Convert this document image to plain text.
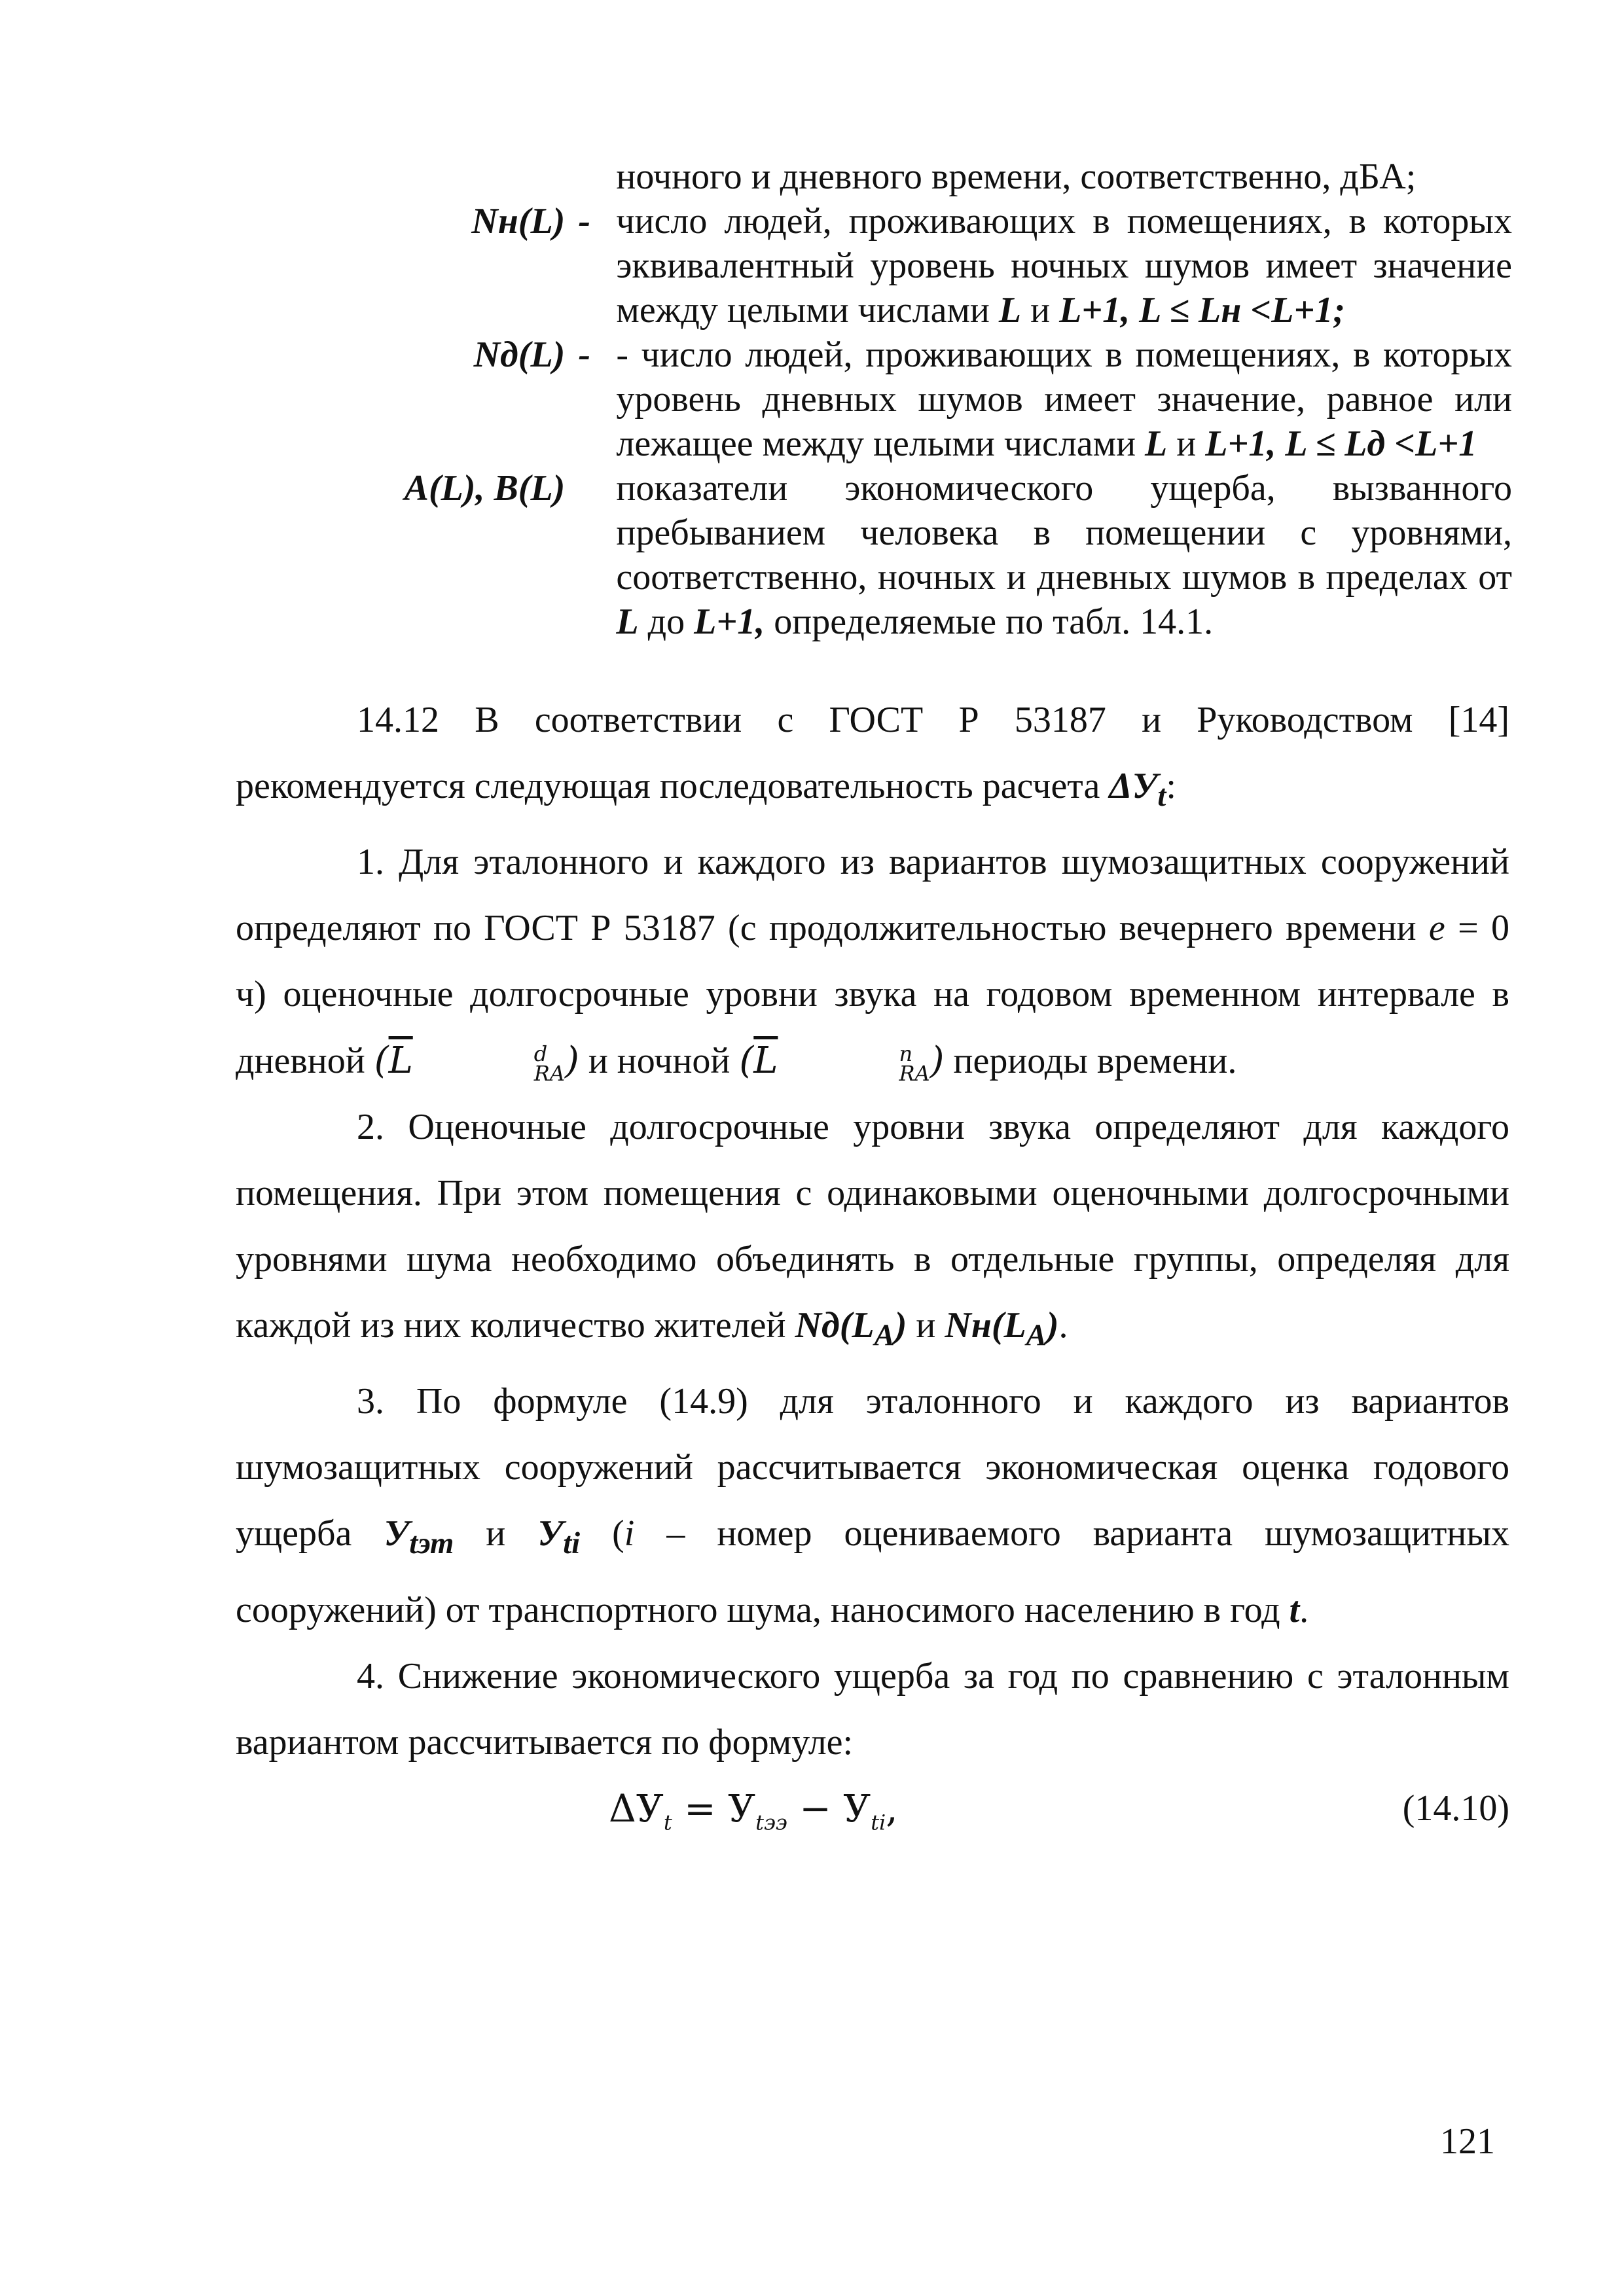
ночного и дневного времени, соответственно, дБА;
Nн(L) - число людей, проживающих в помещениях, в которых эквивалентный уровень ночных шумов имеет значение между целыми числами L и L+1, L ≤ Lн <L+1;
Nд(L) - - число людей, проживающих в помещениях, в которых уровень дневных шумов имеет значение, равное или лежащее между целыми числами L и L+1, L ≤ Lд <L+1
A(L), B(L)	показатели экономического ущерба, вызванного пребыванием человека в помещении с уровнями, соответственно, ночных и дневных шумов в пределах от L до L+1, определяемые по табл. 14.1.

14.12 В соответствии с ГОСТ Р 53187 и Руководством [14] рекомендуется следующая последовательность расчета $\Delta У_t$:

1. Для эталонного и каждого из вариантов шумозащитных сооружений определяют по ГОСТ Р 53187 (с продолжительностью вечернего времени е = 0 ч) оценочные долгосрочные уровни звука на годовом временном интервале в дневной ($\overline{L}$	d
RA ) и ночной ($\overline{L}$	n
RA ) периоды времени.

2. Оценочные долгосрочные уровни звука определяют для каждого помещения. При этом помещения с одинаковыми оценочными долгосрочными уровнями шума необходимо объединять в отдельные группы, определяя для каждой из них количество жителей $Nд(L_A)$ и $Nн(L_A)$.

3. По формуле (14.9) для эталонного и каждого из вариантов шумозащитных сооружений рассчитывается экономическая оценка годового ущерба $У_{tэт}$ и $У_{ti}$ (i – номер оцениваемого варианта шумозащитных сооружений) от транспортного шума, наносимого населению в год t.

4. Снижение экономического ущерба за год по сравнению с эталонным вариантом рассчитывается по формуле:

$\Delta У_t = У_{tээ} - У_{ti}$,	(14.10)
121
